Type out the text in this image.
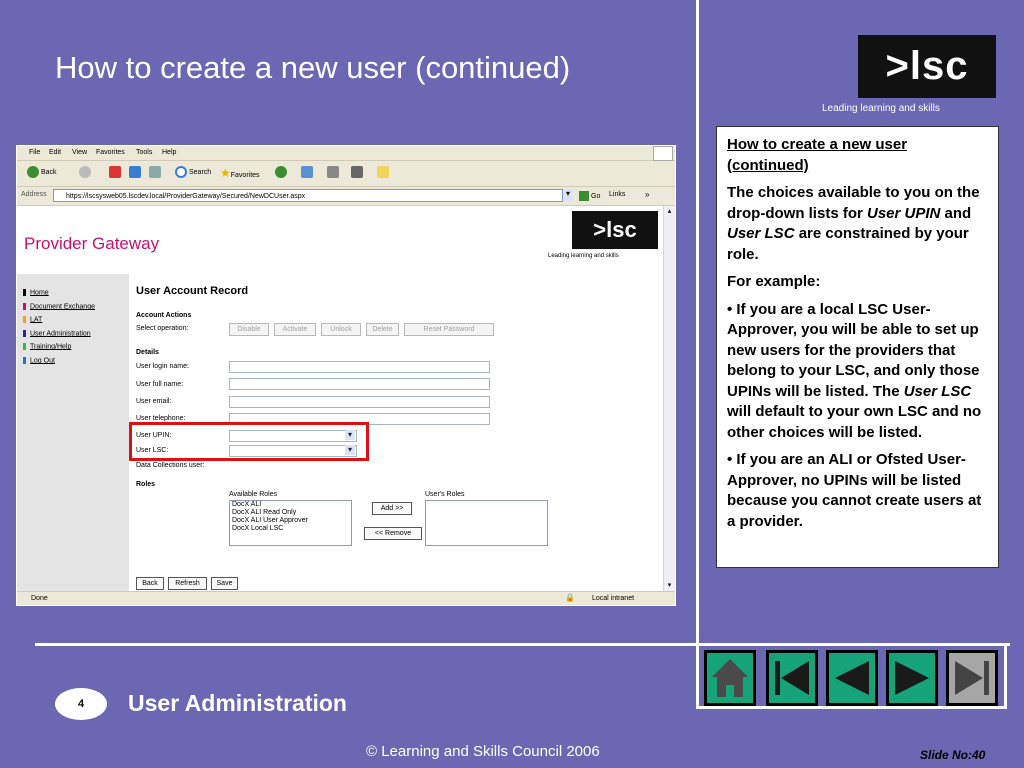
How to create a new user (continued)	>lsc
Leading learning and skills
File Edit View Favorites Tools Help
Back	Search ★Favorites
Address	https://lscsysweb05.lscdev.local/ProviderGateway/Secured/NewDCUser.aspx	▾	Go Links »
Provider Gateway
>lsc
Leading learning and skills
Home
Document Exchange
LAT
User Administration
Training/Help
Log Out
User Account Record
Account Actions
Select operation:	Disable	Activate	Unlock	Delete	Reset Password
Details
User login name:
User full name:
User email:
User telephone:
User UPIN:
▾
User LSC:
▾
Data Collections user:
Roles
Available Roles	User's Roles
DocX ALI
DocX ALI Read Only
DocX ALI User Approver
DocX Local LSC
Add >>
<< Remove
Back	Refresh	Save
▴
▾
Done	🔒 Local intranet

How to create a new user (continued)

The choices available to you on the drop-down lists for User UPIN and User LSC are constrained by your role.

For example:

• If you are a local LSC User-Approver, you will be able to set up new users for the providers that belong to your LSC, and only those UPINs will be listed. The User LSC will default to your own LSC and no other choices will be listed.

• If you are an ALI or Ofsted User-Approver, no UPINs will be listed because you cannot create users at a provider.

4	User Administration
© Learning and Skills Council 2006	Slide No:40
